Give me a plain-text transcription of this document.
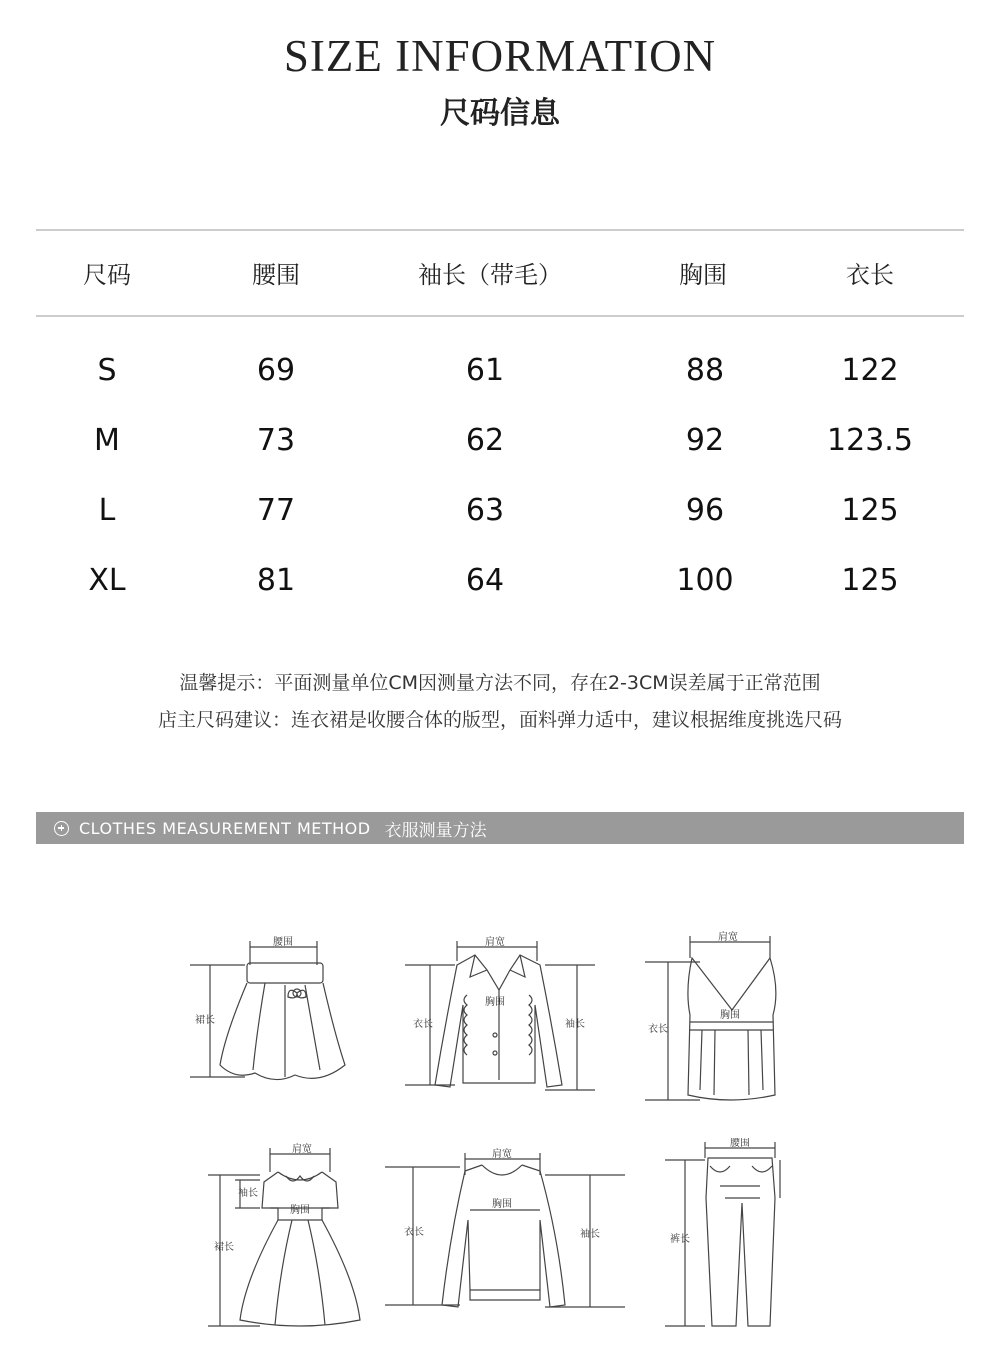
SIZE INFORMATION
尺码信息
尺码	腰围	袖长（带毛）	胸围	衣长
S	69	61	88	122
M	73	62	92	123.5
L	77	63	96	125
XL	81	64	100	125
温馨提示：平面测量单位CM因测量方法不同，存在2-3CM误差属于正常范围
店主尺码建议：连衣裙是收腰合体的版型，面料弹力适中，建议根据维度挑选尺码
CLOTHES MEASUREMENT METHOD 衣服测量方法
腰围
裙长
肩宽
胸围
衣长	袖长
肩宽
胸围
衣长
肩宽
袖长
胸围
裙长
肩宽
胸围
衣长	袖长
腰围
裤长
